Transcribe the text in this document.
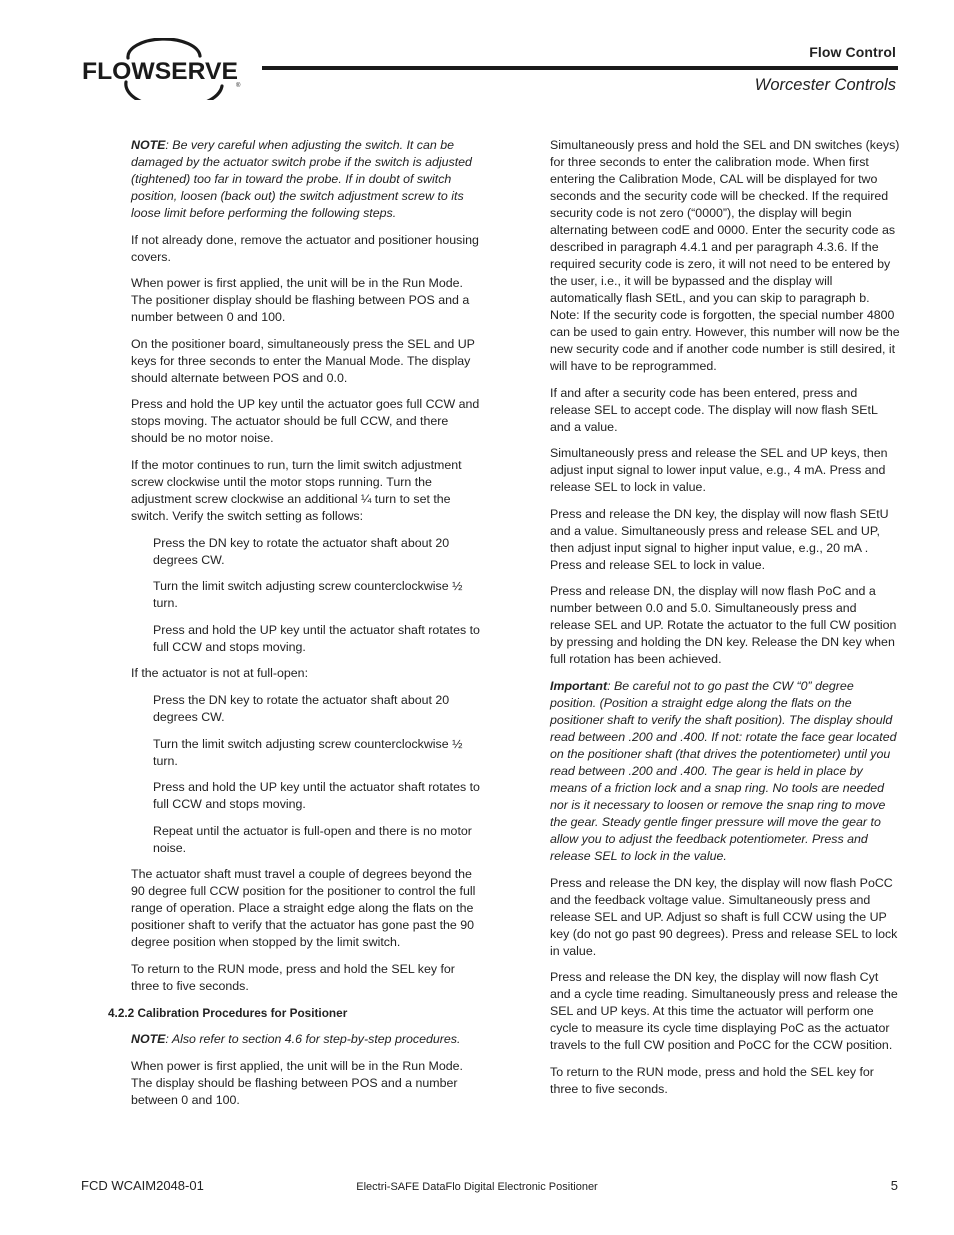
FLOWSERVE
®
Flow Control
Worcester Controls

NOTE: Be very careful when adjusting the switch. It can be damaged by the actuator switch probe if the switch is adjusted (tightened) too far in toward the probe. If in doubt of switch position, loosen (back out) the switch adjustment screw to its loose limit before performing the following steps.

If not already done, remove the actuator and positioner housing covers.

When power is first applied, the unit will be in the Run Mode. The positioner display should be flashing between POS and a number between 0 and 100.

On the positioner board, simultaneously press the SEL and UP keys for three seconds to enter the Manual Mode. The display should alternate between POS and 0.0.

Press and hold the UP key until the actuator goes full CCW and stops moving. The actuator should be full CCW, and there should be no motor noise.

If the motor continues to run, turn the limit switch adjustment screw clockwise until the motor stops running. Turn the adjustment screw clockwise an additional ¼ turn to set the switch. Verify the switch setting as follows:

Press the DN key to rotate the actuator shaft about 20 degrees CW.

Turn the limit switch adjusting screw counterclockwise ½ turn.

Press and hold the UP key until the actuator shaft rotates to full CCW and stops moving.

If the actuator is not at full-open:

Press the DN key to rotate the actuator shaft about 20 degrees CW.

Turn the limit switch adjusting screw counterclockwise ½ turn.

Press and hold the UP key until the actuator shaft rotates to full CCW and stops moving.

Repeat until the actuator is full-open and there is no motor noise.

The actuator shaft must travel a couple of degrees beyond the 90 degree full CCW position for the positioner to control the full range of operation. Place a straight edge along the flats on the positioner shaft to verify that the actuator has gone past the 90 degree position when stopped by the limit switch.

To return to the RUN mode, press and hold the SEL key for three to five seconds.

4.2.2 Calibration Procedures for Positioner

NOTE: Also refer to section 4.6 for step-by-step procedures.

When power is first applied, the unit will be in the Run Mode. The display should be flashing between POS and a number between 0 and 100.

Simultaneously press and hold the SEL and DN switches (keys) for three seconds to enter the calibration mode. When first entering the Calibration Mode, CAL will be displayed for two seconds and the security code will be checked. If the required security code is not zero (“0000”), the display will begin alternating between codE and 0000. Enter the security code as described in paragraph 4.4.1 and per paragraph 4.3.6. If the required security code is zero, it will not need to be entered by the user, i.e., it will be bypassed and the display will automatically flash SEtL, and you can skip to paragraph b. Note: If the security code is forgotten, the special number 4800 can be used to gain entry. However, this number will now be the new security code and if another code number is still desired, it will have to be reprogrammed.

If and after a security code has been entered, press and release SEL to accept code. The display will now flash SEtL and a value.

Simultaneously press and release the SEL and UP keys, then adjust input signal to lower input value, e.g., 4 mA. Press and release SEL to lock in value.

Press and release the DN key, the display will now flash SEtU and a value. Simultaneously press and release SEL and UP, then adjust input signal to higher input value, e.g., 20 mA . Press and release SEL to lock in value.

Press and release DN, the display will now flash PoC and a number between 0.0 and 5.0. Simultaneously press and release SEL and UP. Rotate the actuator to the full CW position by pressing and holding the DN key. Release the DN key when full rotation has been achieved.

Important: Be careful not to go past the CW “0” degree position. (Position a straight edge along the flats on the positioner shaft to verify the shaft position). The display should read between .200 and .400. If not: rotate the face gear located on the positioner shaft (that drives the potentiometer) until you read between .200 and .400. The gear is held in place by means of a friction lock and a snap ring. No tools are needed nor is it necessary to loosen or remove the snap ring to move the gear. Steady gentle finger pressure will move the gear to allow you to adjust the feedback potentiometer. Press and release SEL to lock in the value.

Press and release the DN key, the display will now flash PoCC and the feedback voltage value. Simultaneously press and release SEL and UP. Adjust so shaft is full CCW using the UP key (do not go past 90 degrees). Press and release SEL to lock in value.

Press and release the DN key, the display will now flash Cyt and a cycle time reading. Simultaneously press and release the SEL and UP keys. At this time the actuator will perform one cycle to measure its cycle time displaying PoC as the actuator travels to the full CW position and PoCC for the CCW position.

To return to the RUN mode, press and hold the SEL key for three to five seconds.

FCD WCAIM2048-01	Electri-SAFE DataFlo Digital Electronic Positioner	5
